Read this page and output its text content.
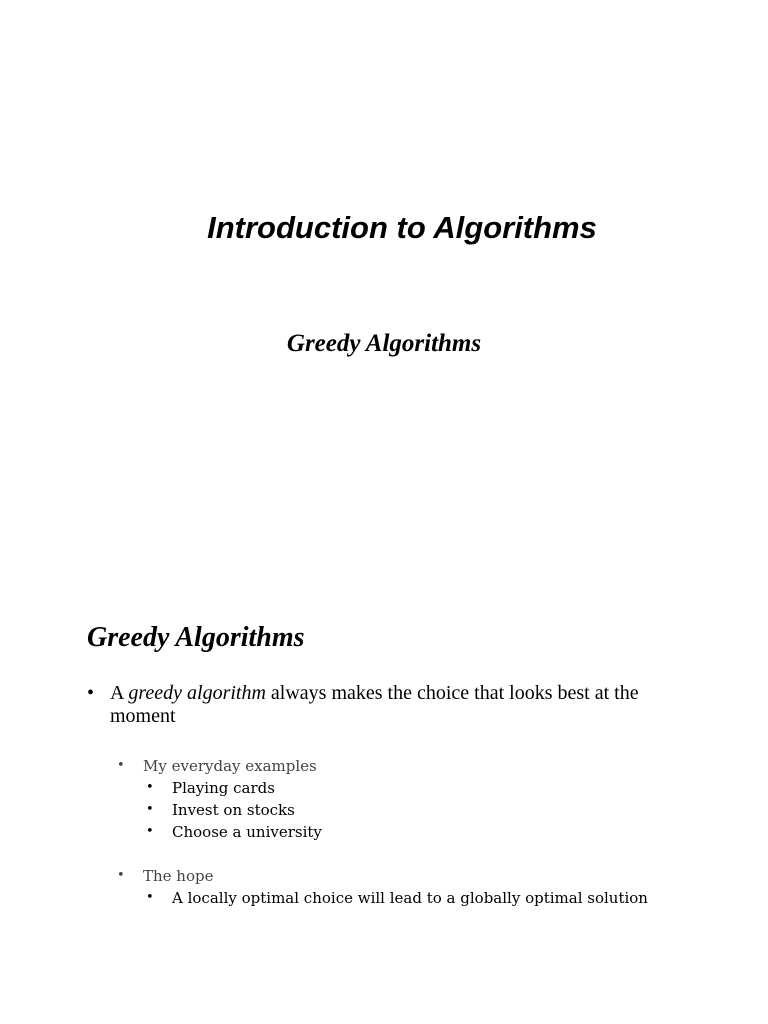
Introduction to Algorithms
Greedy Algorithms
Greedy Algorithms
• A greedy algorithm always makes the choice that looks best at the moment
• My everyday examples
• Playing cards
• Invest on stocks
• Choose a university
• The hope
• A locally optimal choice will lead to a globally optimal solution
